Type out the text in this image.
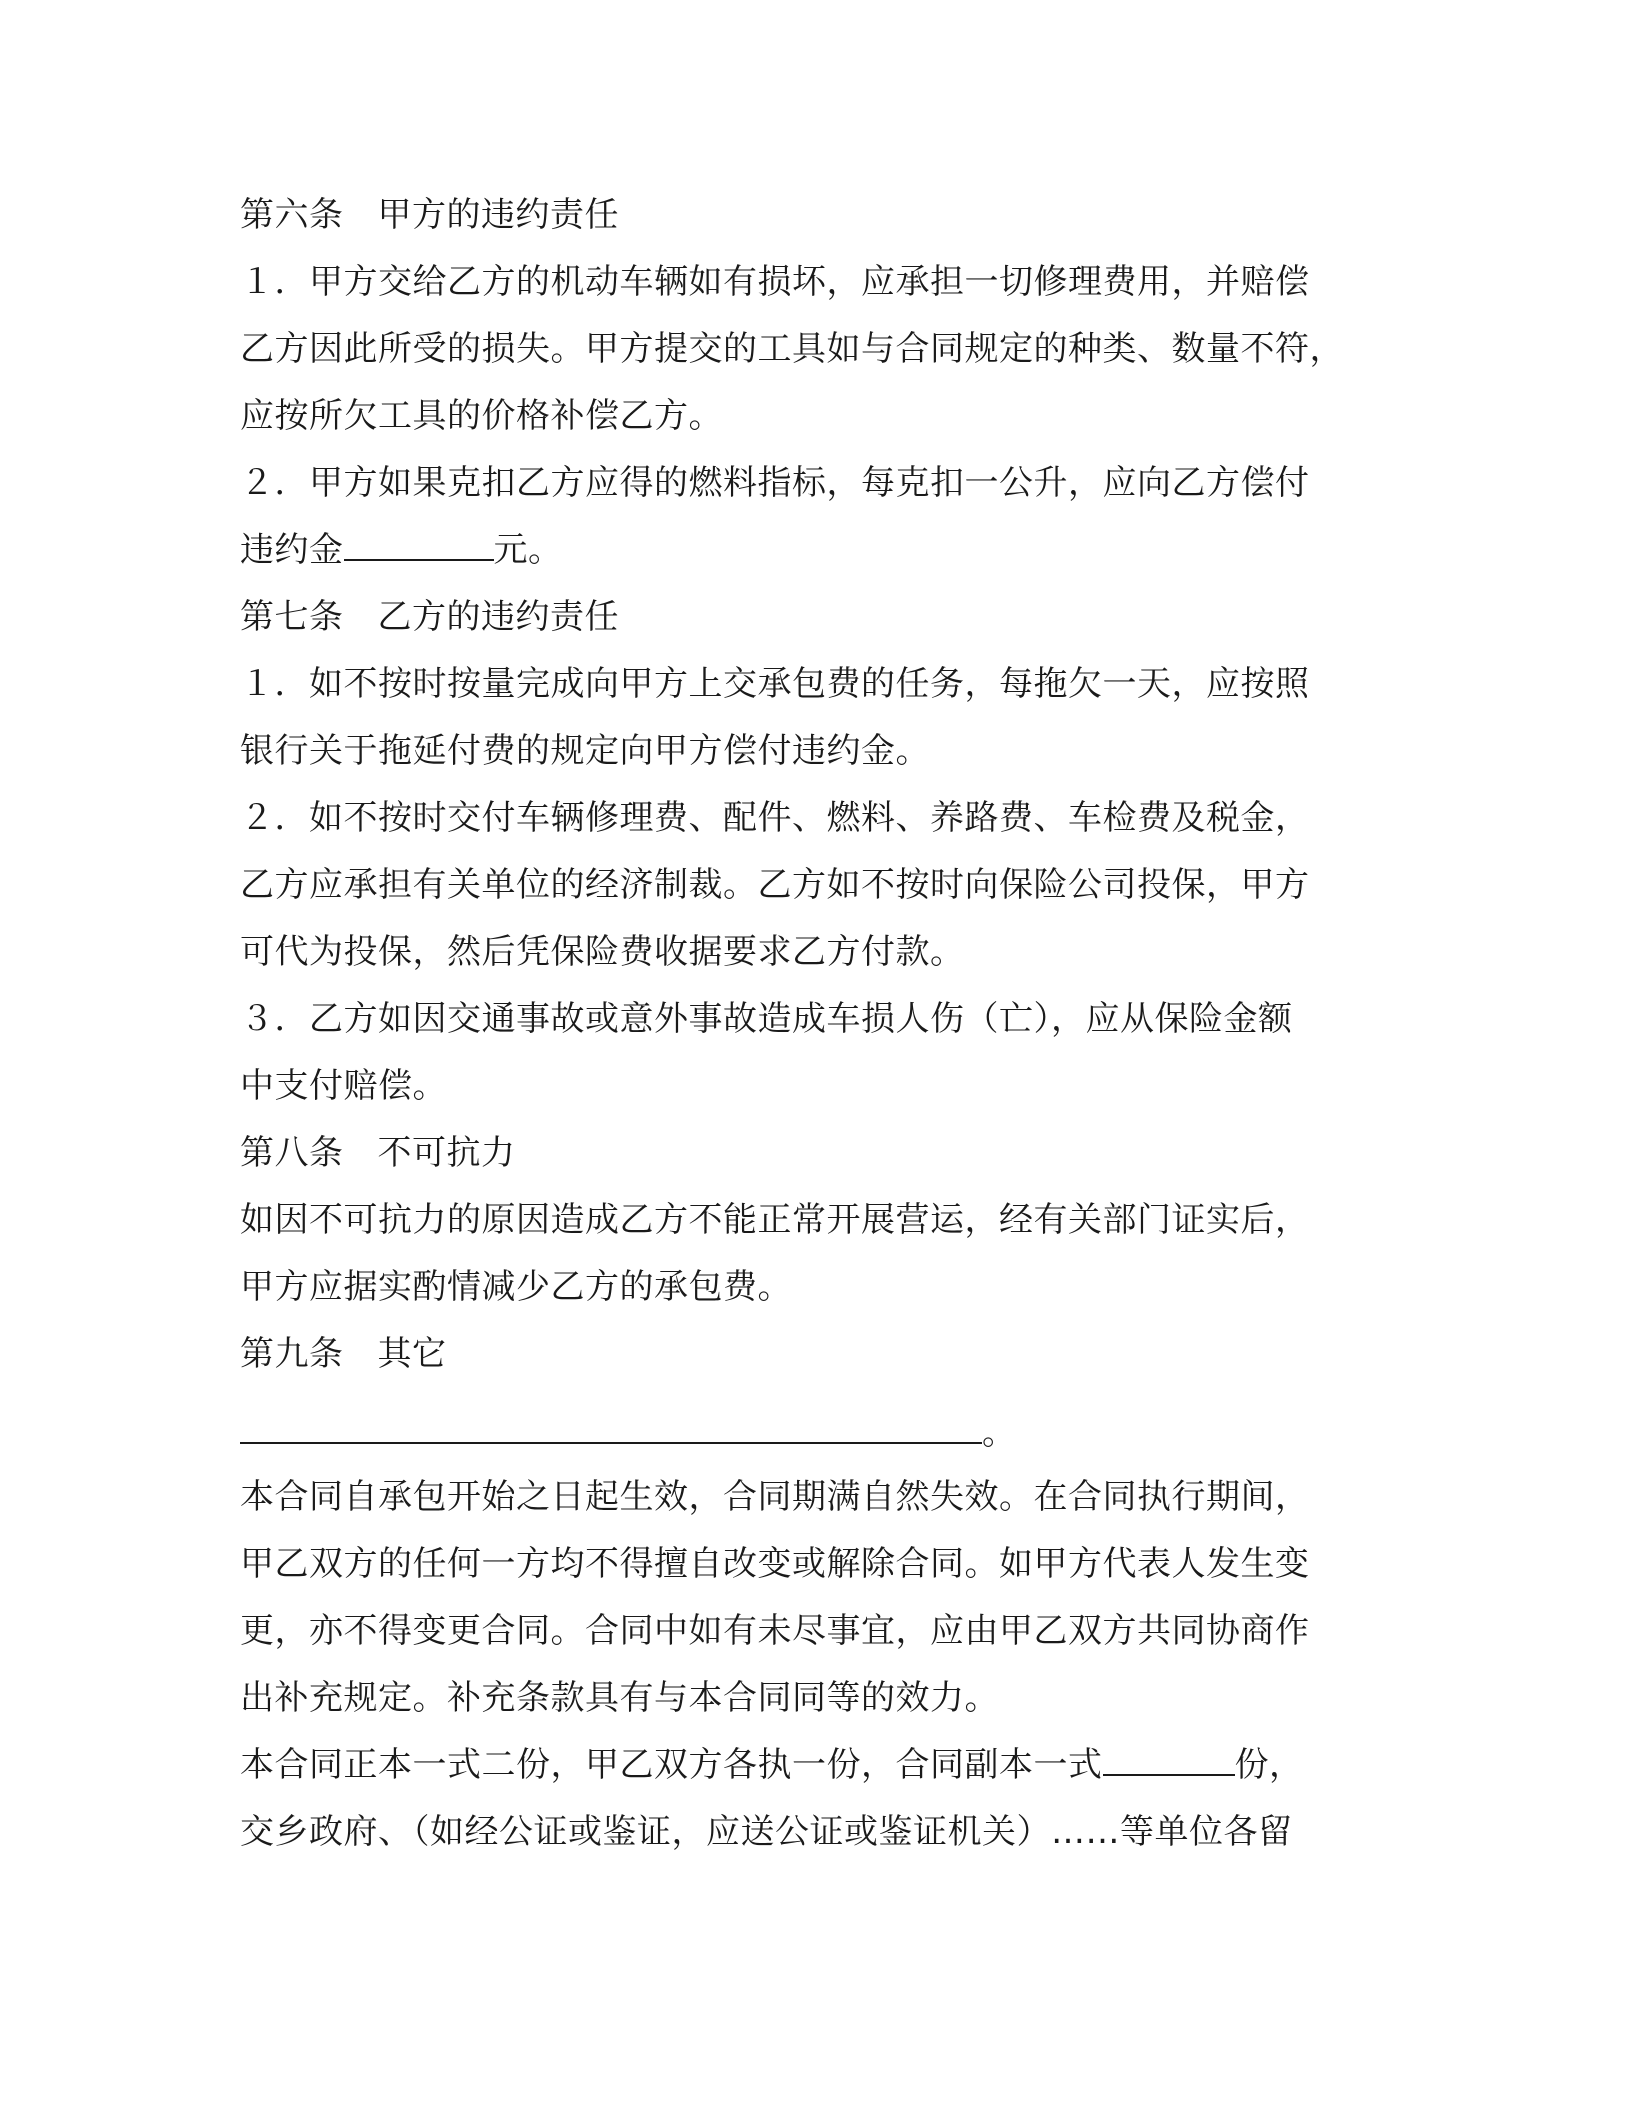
第六条 甲方的违约责任
１．甲方交给乙方的机动车辆如有损坏，应承担一切修理费用，并赔偿
乙方因此所受的损失。甲方提交的工具如与合同规定的种类、数量不符，
应按所欠工具的价格补偿乙方。
２．甲方如果克扣乙方应得的燃料指标，每克扣一公升，应向乙方偿付
违约金	元。
第七条 乙方的违约责任
１．如不按时按量完成向甲方上交承包费的任务，每拖欠一天，应按照
银行关于拖延付费的规定向甲方偿付违约金。
２．如不按时交付车辆修理费、配件、燃料、养路费、车检费及税金，
乙方应承担有关单位的经济制裁。乙方如不按时向保险公司投保，甲方
可代为投保，然后凭保险费收据要求乙方付款。
３．乙方如因交通事故或意外事故造成车损人伤（亡），应从保险金额
中支付赔偿。
第八条 不可抗力
如因不可抗力的原因造成乙方不能正常开展营运，经有关部门证实后，
甲方应据实酌情减少乙方的承包费。
第九条 其它
。
本合同自承包开始之日起生效，合同期满自然失效。在合同执行期间，
甲乙双方的任何一方均不得擅自改变或解除合同。如甲方代表人发生变
更，亦不得变更合同。合同中如有未尽事宜，应由甲乙双方共同协商作
出补充规定。补充条款具有与本合同同等的效力。
本合同正本一式二份，甲乙双方各执一份，合同副本一式	份，
交乡政府、（如经公证或鉴证，应送公证或鉴证机关）……等单位各留
